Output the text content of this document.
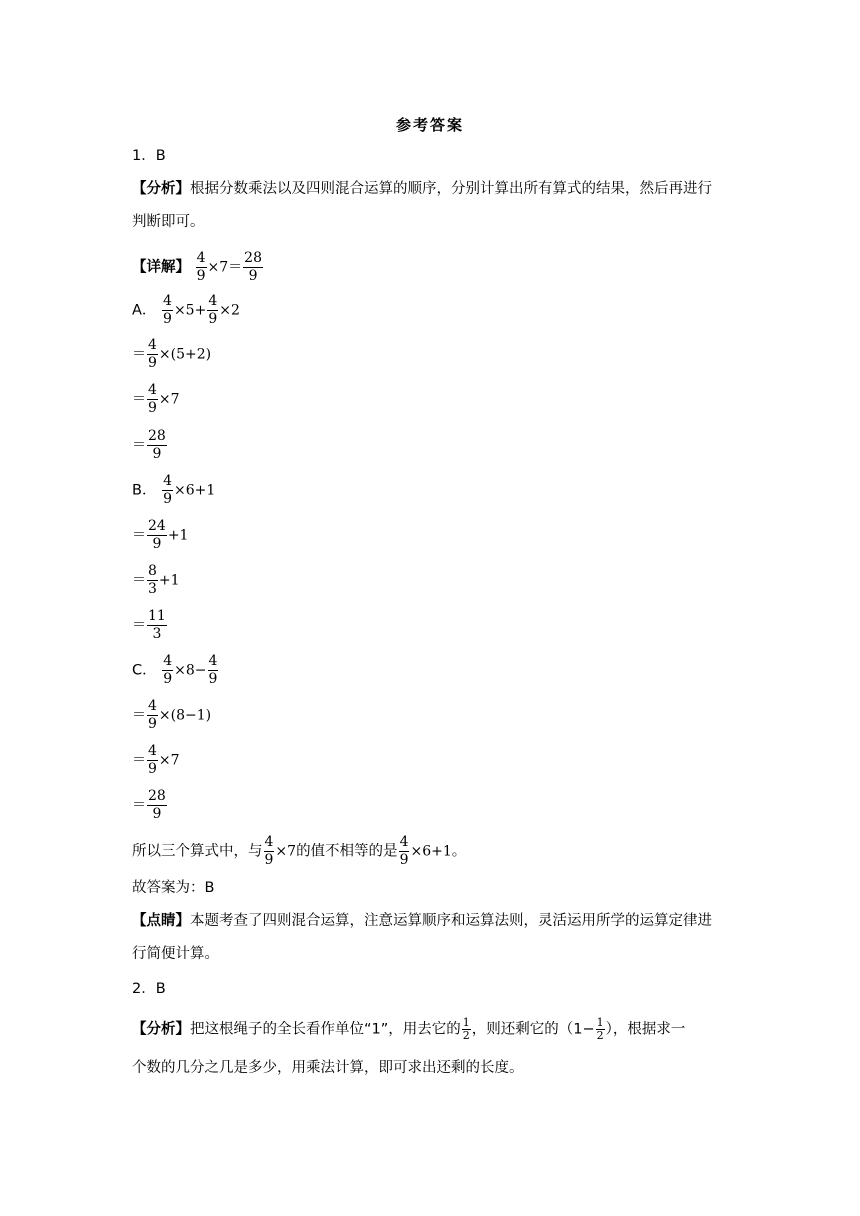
参考答案
1．B
【分析】根据分数乘法以及四则混合运算的顺序，分别计算出所有算式的结果，然后再进行
判断即可。
【详解】 $\frac{4}{9} \times 7= \frac{28}{9}$
A． $\frac{4}{9} \times 5+ \frac{4}{9} \times 2$
＝ $\frac{4}{9} \times(5+2)$
＝ $\frac{4}{9} \times 7$
＝ $\frac{28}{9}$
B． $\frac{4}{9} \times 6+1$
＝ $\frac{24}{9} +1$
＝ $\frac{8}{3} +1$
＝ $\frac{11}{3}$
C． $\frac{4}{9} \times 8- \frac{4}{9}$
＝ $\frac{4}{9} \times(8-1)$
＝ $\frac{4}{9} \times 7$
＝ $\frac{28}{9}$
所以三个算式中，与 $\frac{4}{9} \times 7$的值不相等的是 $\frac{4}{9} \times 6+1$。
故答案为：B
【点睛】本题考查了四则混合运算，注意运算顺序和运算法则，灵活运用所学的运算定律进
行简便计算。
2．B
【分析】把这根绳子的全长看作单位“1”，用去它的 $\frac{1}{2}$ ，则还剩它的（$1- \frac{1}{2}$ ），根据求一
个数的几分之几是多少，用乘法计算，即可求出还剩的长度。
